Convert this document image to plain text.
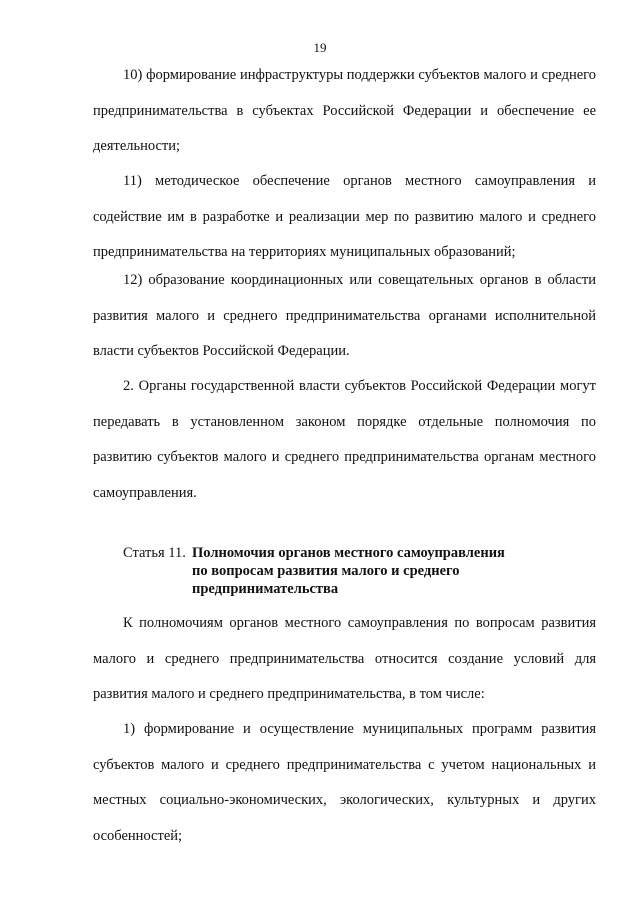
19

10) формирование инфраструктуры поддержки субъектов малого и среднего предпринимательства в субъектах Российской Федерации и обеспечение ее деятельности;

11) методическое обеспечение органов местного самоуправления и содействие им в разработке и реализации мер по развитию малого и среднего предпринимательства на территориях муниципальных образований;

12) образование координационных или совещательных органов в области развития малого и среднего предпринимательства органами исполнительной власти субъектов Российской Федерации.

2. Органы государственной власти субъектов Российской Федерации могут передавать в установленном законом порядке отдельные полномочия по развитию субъектов малого и среднего предпринимательства органам местного самоуправления.

Статья 11. Полномочия органов местного самоуправления
по вопросам развития малого и среднего
предпринимательства

К полномочиям органов местного самоуправления по вопросам развития малого и среднего предпринимательства относится создание условий для развития малого и среднего предпринимательства, в том числе:

1) формирование и осуществление муниципальных программ развития субъектов малого и среднего предпринимательства с учетом национальных и местных социально-экономических, экологических, культурных и других особенностей;
